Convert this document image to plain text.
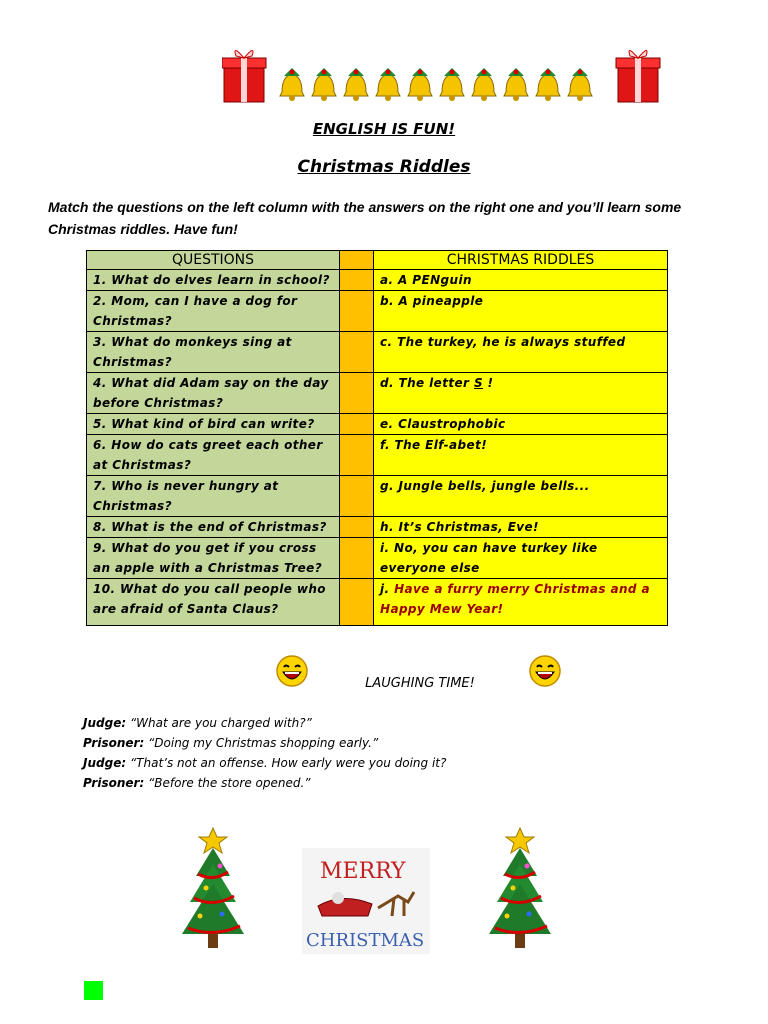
ENGLISH IS FUN!
Christmas Riddles
Match the questions on the left column with the answers on the right one and you’ll learn some Christmas riddles. Have fun!
QUESTIONS		CHRISTMAS RIDDLES
1. What do elves learn in school?		a. A PENguin
2. Mom, can I have a dog for Christmas?		b. A pineapple
3. What do monkeys sing at Christmas?		c. The turkey, he is always stuffed
4. What did Adam say on the day before Christmas?		d. The letter S !
5. What kind of bird can write?		e. Claustrophobic
6. How do cats greet each other at Christmas?		f. The Elf-abet!
7. Who is never hungry at Christmas?		g. Jungle bells, jungle bells...
8. What is the end of Christmas?		h. It’s Christmas, Eve!
9. What do you get if you cross an apple with a Christmas Tree?		i. No, you can have turkey like everyone else
10. What do you call people who are afraid of Santa Claus?		j. Have a furry merry Christmas and a Happy Mew Year!
LAUGHING TIME!
Judge: “What are you charged with?”
Prisoner: “Doing my Christmas shopping early.”
Judge: “That’s not an offense. How early were you doing it?
Prisoner: “Before the store opened.”
MERRY
CHRISTMAS
